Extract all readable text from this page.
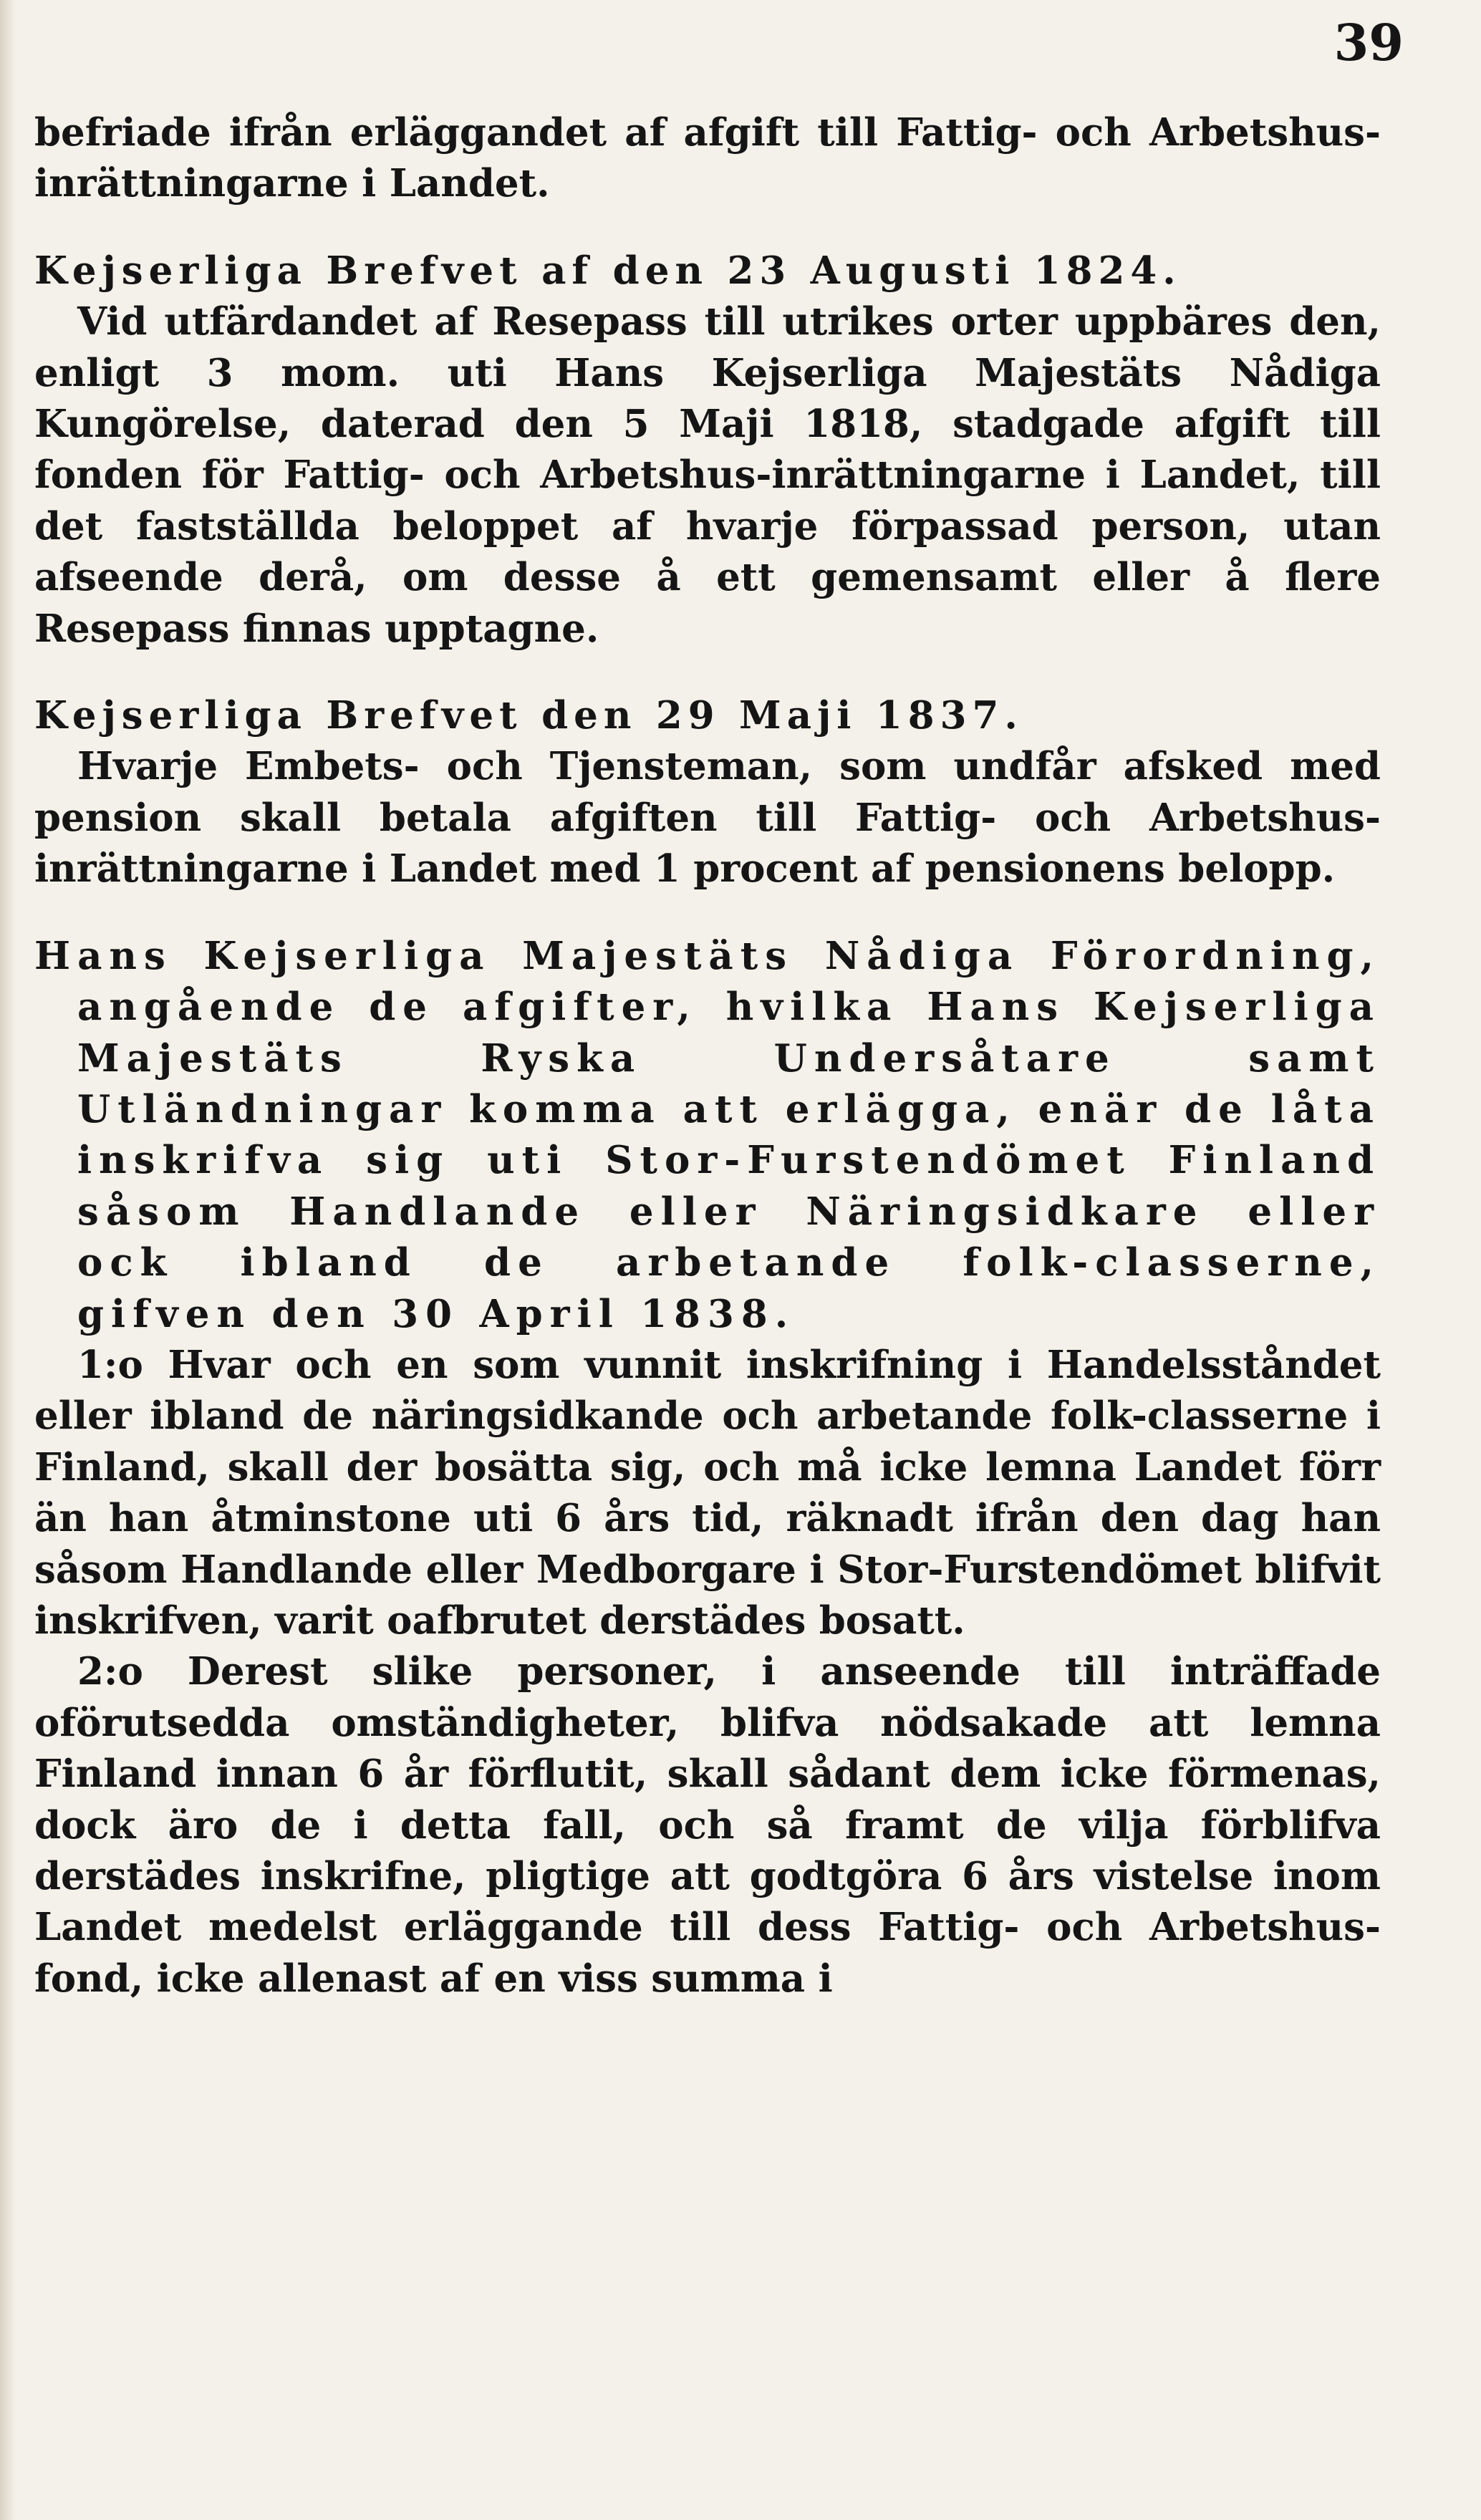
39

befriade ifrån erläggandet af afgift till Fattig- och Arbetshus-inrättningarne i Landet.

Kejserliga Brefvet af den 23 Augusti 1824.

Vid utfärdandet af Resepass till utrikes orter uppbäres den, enligt 3 mom. uti Hans Kejserliga Majestäts Nådiga Kungörelse, daterad den 5 Maji 1818, stadgade afgift till fonden för Fattig- och Arbetshus-inrättningarne i Landet, till det fastställda beloppet af hvarje förpassad person, utan afseende derå, om desse å ett gemensamt eller å flere Resepass finnas upptagne.

Kejserliga Brefvet den 29 Maji 1837.

Hvarje Embets- och Tjensteman, som undfår afsked med pension skall betala afgiften till Fattig- och Arbetshus-inrättningarne i Landet med 1 procent af pensionens belopp.

Hans Kejserliga Majestäts Nådiga Förordning, angående de afgifter, hvilka Hans Kejserliga Majestäts Ryska Undersåtare samt Utländningar komma att erlägga, enär de låta inskrifva sig uti Stor-Furstendömet Finland såsom Handlande eller Näringsidkare eller ock ibland de arbetande folk-classerne, gifven den 30 April 1838.

1:o Hvar och en som vunnit inskrifning i Handelsståndet eller ibland de näringsidkande och arbetande folk-classerne i Finland, skall der bosätta sig, och må icke lemna Landet förr än han åtminstone uti 6 års tid, räknadt ifrån den dag han såsom Handlande eller Medborgare i Stor-Furstendömet blifvit inskrifven, varit oafbrutet derstädes bosatt.

2:o Derest slike personer, i anseende till inträffade oförutsedda omständigheter, blifva nödsakade att lemna Finland innan 6 år förflutit, skall sådant dem icke förmenas, dock äro de i detta fall, och så framt de vilja förblifva derstädes inskrifne, pligtige att godtgöra 6 års vistelse inom Landet medelst erläggande till dess Fattig- och Arbetshus-fond, icke allenast af en viss summa i
